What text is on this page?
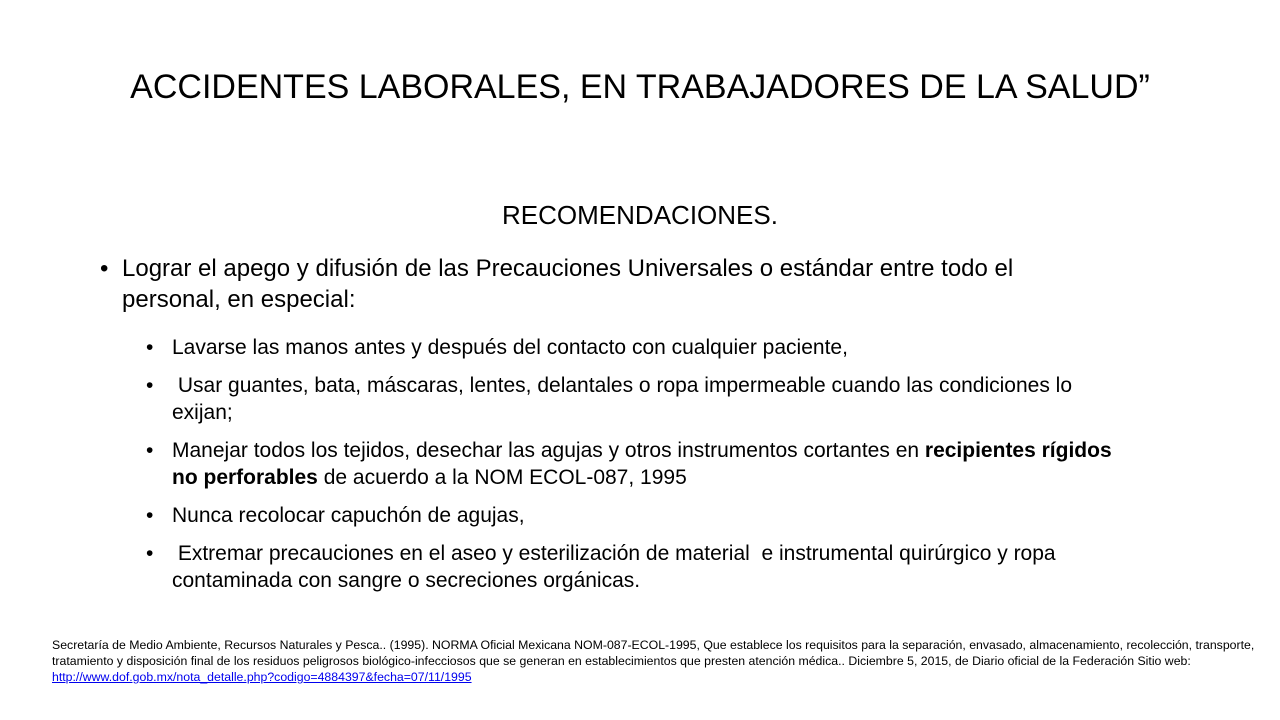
ACCIDENTES LABORALES, EN TRABAJADORES DE LA SALUD”

RECOMENDACIONES.

• Lograr el apego y difusión de las Precauciones Universales o estándar entre todo el personal, en especial:
• Lavarse las manos antes y después del contacto con cualquier paciente,
• Usar guantes, bata, máscaras, lentes, delantales o ropa impermeable cuando las condiciones lo exijan;
• Manejar todos los tejidos, desechar las agujas y otros instrumentos cortantes en recipientes rígidos no perforables de acuerdo a la NOM ECOL-087, 1995
• Nunca recolocar capuchón de agujas,
• Extremar precauciones en el aseo y esterilización de material  e instrumental quirúrgico y ropa contaminada con sangre o secreciones orgánicas.

Secretaría de Medio Ambiente, Recursos Naturales y Pesca.. (1995). NORMA Oficial Mexicana NOM-087-ECOL-1995, Que establece los requisitos para la separación, envasado, almacenamiento, recolección, transporte, tratamiento y disposición final de los residuos peligrosos biológico-infecciosos que se generan en establecimientos que presten atención médica.. Diciembre 5, 2015, de Diario oficial de la Federación Sitio web: http://www.dof.gob.mx/nota_detalle.php?codigo=4884397&fecha=07/11/1995
